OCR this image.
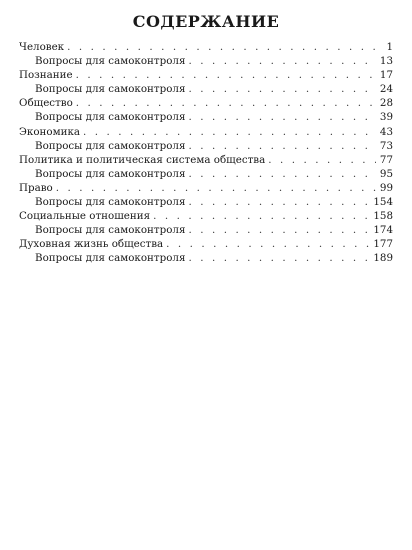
СОДЕРЖАНИЕ
Человек . . .	1
Вопросы для самоконтроля . . .	13
Познание . . .	17
Вопросы для самоконтроля . . .	24
Общество . . .	28
Вопросы для самоконтроля . . .	39
Экономика . . .	43
Вопросы для самоконтроля . . .	73
Политика и политическая система общества . . .	77
Вопросы для самоконтроля . . .	95
Право . . .	99
Вопросы для самоконтроля . . .	154
Социальные отношения . . .	158
Вопросы для самоконтроля . . .	174
Духовная жизнь общества . . .	177
Вопросы для самоконтроля . . .	189
